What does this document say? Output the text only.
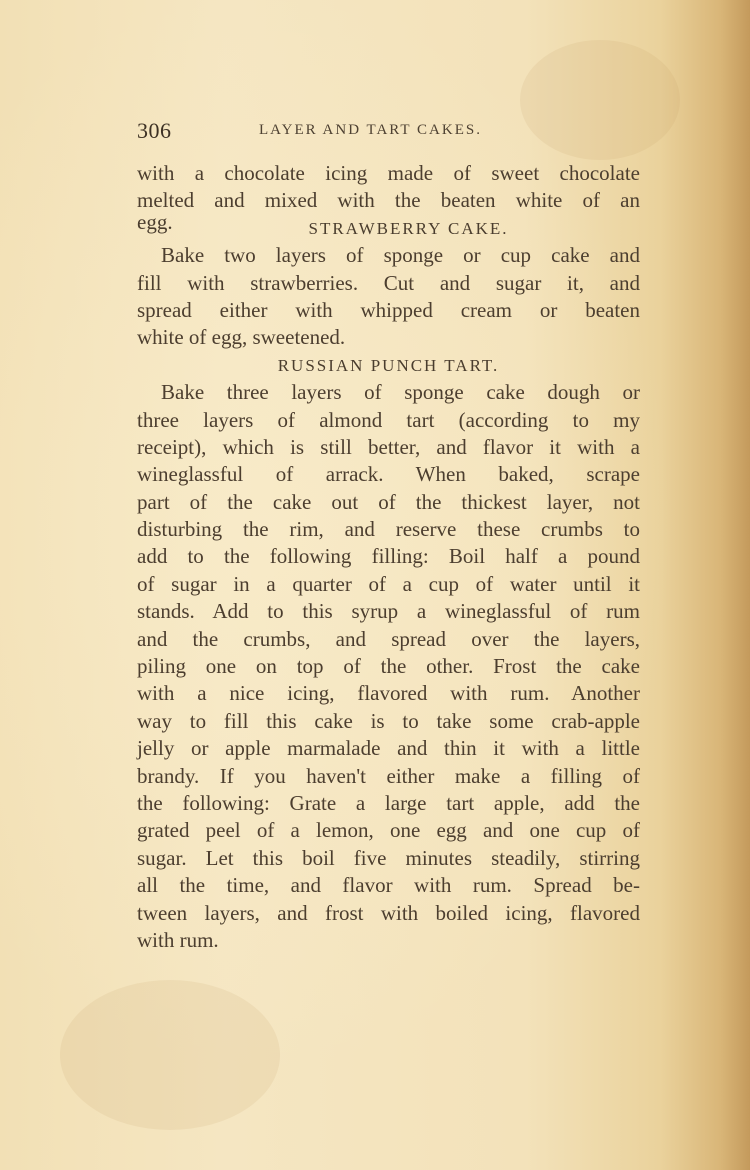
306	LAYER AND TART CAKES.
with a chocolate icing made of sweet chocolate
melted and mixed with the beaten white of an
egg.	STRAWBERRY CAKE.
Bake two layers of sponge or cup cake and
fill with strawberries. Cut and sugar it, and
spread either with whipped cream or beaten
white of egg, sweetened.
RUSSIAN PUNCH TART.
Bake three layers of sponge cake dough or
three layers of almond tart (according to my
receipt), which is still better, and flavor it with a
wineglassful of arrack. When baked, scrape
part of the cake out of the thickest layer, not
disturbing the rim, and reserve these crumbs to
add to the following filling: Boil half a pound
of sugar in a quarter of a cup of water until it
stands. Add to this syrup a wineglassful of rum
and the crumbs, and spread over the layers,
piling one on top of the other. Frost the cake
with a nice icing, flavored with rum. Another
way to fill this cake is to take some crab-apple
jelly or apple marmalade and thin it with a little
brandy. If you haven't either make a filling of
the following: Grate a large tart apple, add the
grated peel of a lemon, one egg and one cup of
sugar. Let this boil five minutes steadily, stirring
all the time, and flavor with rum. Spread be-
tween layers, and frost with boiled icing, flavored
with rum.
